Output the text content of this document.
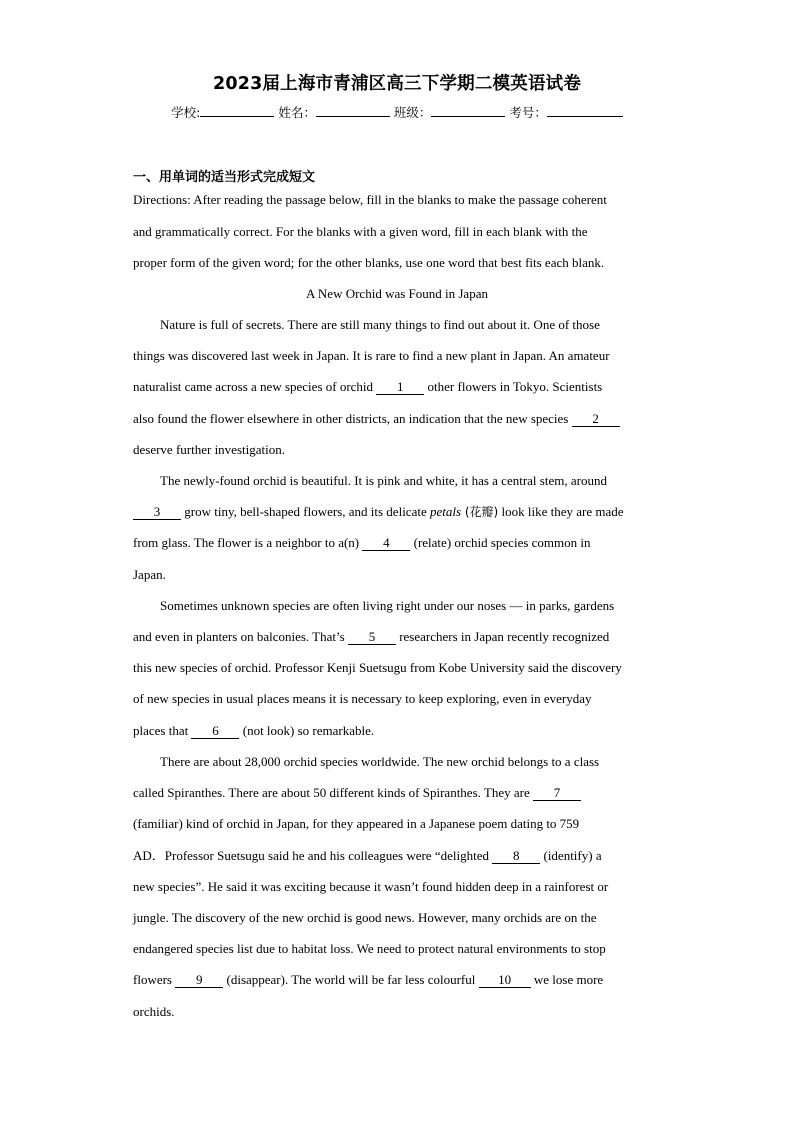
2023届上海市青浦区高三下学期二模英语试卷
学校:	姓名：	班级：	考号：
一、用单词的适当形式完成短文
Directions: After reading the passage below, fill in the blanks to make the passage coherent
and grammatically correct. For the blanks with a given word, fill in each blank with the
proper form of the given word; for the other blanks, use one word that best fits each blank.
A New Orchid was Found in Japan
Nature is full of secrets. There are still many things to find out about it. One of those
things was discovered last week in Japan. It is rare to find a new plant in Japan. An amateur
naturalist came across a new species of orchid 1 other flowers in Tokyo. Scientists
also found the flower elsewhere in other districts, an indication that the new species 2
deserve further investigation.
The newly-found orchid is beautiful. It is pink and white, it has a central stem, around
3 grow tiny, bell-shaped flowers, and its delicate petals (花瓣) look like they are made
from glass. The flower is a neighbor to a(n) 4 (relate) orchid species common in
Japan.
Sometimes unknown species are often living right under our noses — in parks, gardens
and even in planters on balconies. That’s 5 researchers in Japan recently recognized
this new species of orchid. Professor Kenji Suetsugu from Kobe University said the discovery
of new species in usual places means it is necessary to keep exploring, even in everyday
places that 6 (not look) so remarkable.
There are about 28,000 orchid species worldwide. The new orchid belongs to a class
called Spiranthes. There are about 50 different kinds of Spiranthes. They are 7
(familiar) kind of orchid in Japan, for they appeared in a Japanese poem dating to 759
AD．Professor Suetsugu said he and his colleagues were “delighted 8 (identify) a
new species”. He said it was exciting because it wasn’t found hidden deep in a rainforest or
jungle. The discovery of the new orchid is good news. However, many orchids are on the
endangered species list due to habitat loss. We need to protect natural environments to stop
flowers 9 (disappear). The world will be far less colourful 10 we lose more
orchids.
